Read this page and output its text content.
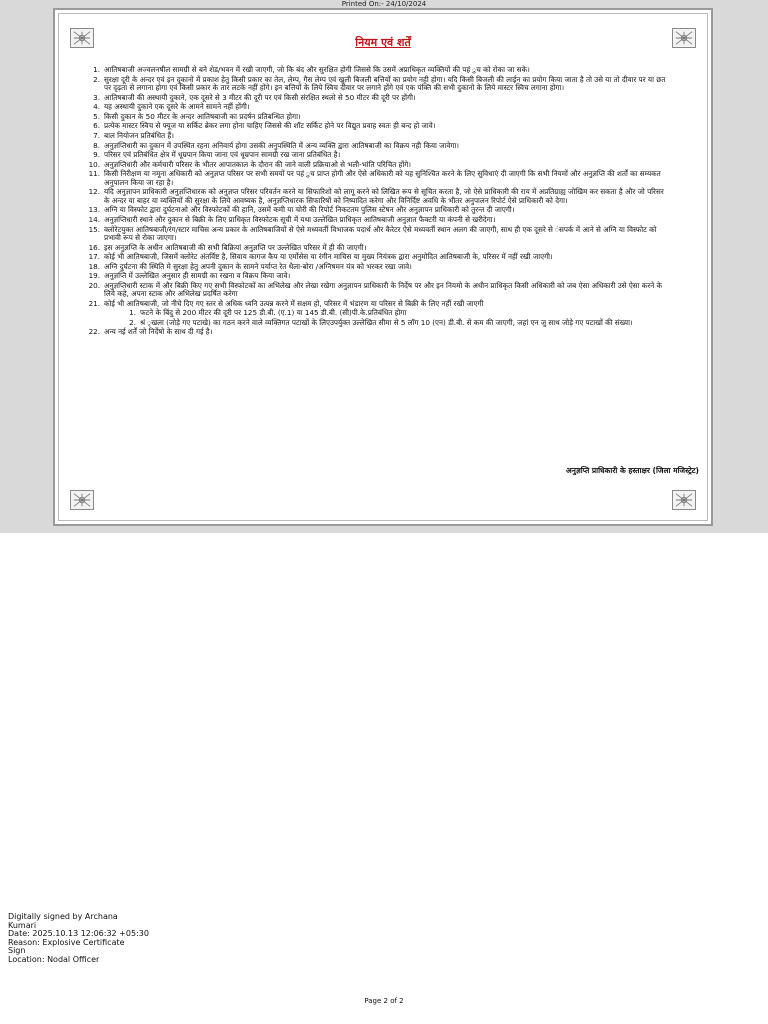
Printed On:- 24/10/2024
नियम एवं शर्तें
1. आतिषबाजी अज्वलनषील सामग्री से बने शेड/भवन में रखी जाएगी, जो कि बंद और सुरक्षित होगी जिससे कि उसमें अप्राधिकृत व्यक्तियों की पहं ुच को रोका जा सके।
2. सुरक्षा दूरी के अन्दर एवं इन दुकानो में प्रकाश हेतु किसी प्रकार का तेल, लेम्प, गैस लेम्प एवं खुली बिजली बत्तियों का प्रयोग नही होगा। यदि किसी बिजली की लाईन का प्रयोग किया जाता है तो उसे या तो दीवार पर या छत पर दृढ़ता से लगाना होगा एवं किसी प्रकार के तार लटके नहीं होंगे। इन बत्तियों के लिये स्विच दीवार पर लगाने होंगे एवं एक पंक्ति की सभी दुकानो के लिये मास्टर स्विच लगाना होगा।
3. आतिषबाजी की अस्थायी दुकाने, एक दूसरे से 3 मीटर की दूरी पर एवं किसी संरक्षित स्थलो से 50 मीटर की दूरी पर होंगी।
4. यह अस्थायी दुकाने एक दूसरे के आमने सामने नहीं होंगी।
5. किसी दुकान के 50 मीटर के अन्दर आतिषबाजी का प्रदर्षन प्रतिबन्धित होगा।
6. प्रत्येक मास्टर स्विच से फ्यूज या सर्किट ब्रेकर लगा होना चाहिए जिससे की शॉट सर्किट होने पर विद्युत प्रवाह स्वतः ही बन्द हो जावे।
7. बाल नियोजन प्रतिबंधित हैं।
8. अनुज्ञप्तिधारी का दुकान में उपस्थित रहना अनिवार्य होगा उसकी अनुपस्थिति में अन्य व्यक्ति द्वारा आतिषबाजी का विक्रय नही किया जावेगा।
9. परिसर एवं प्रतिबंधित क्षेत्र में धूम्रपान किया जाना एवं धूम्रपान सामग्री रख जाना प्रतिबंधित है।
10. अनुज्ञप्तिधारी और कर्मचारी परिसर के भीतर आपातकाल के दौरान की जाने वाली प्रक्रियाओ से भली-भांति परिचित होंगे।
11. किसी निरीक्षण या नमूना अधिकारी को अनुज्ञप्त परिसर पर सभी समयों पर पहं ुच प्राप्त होगी और ऐसे अधिकारी को यह सुनिश्चित करने के लिए सुविधाएं दी जाएगी कि सभी नियमों और अनुज्ञप्ति की शर्तों का सम्यकत अनुपालन किया जा रहा है।
12. यदि अनुज्ञापन प्राधिकारी अनुज्ञप्तिधारक को अनुज्ञप्त परिसर परिवर्तन करने या सिफारिशो को लागू करने को लिखित रूप से सूचित करता है, जो ऐसे प्राधिकारी की राय में अप्रतिग्राह्य जोखिम कर सकता है और जो परिसर के अन्दर या बाहर या व्यक्तियों की सुरक्षा के लिये आवष्यक है, अनुज्ञप्तिधारक सिफारिषों को निष्पादित करेगा और विनिर्दिष्ट अवधि के भीतर अनुपालन रिपोर्ट ऐसे प्राधिकारी को देगा।
13. अग्नि या विस्फोट द्वारा दुर्घटनाओ और विस्फोटकों की हानि, उसमें कमी या चोरी की रिपोर्ट निकटतम पुलिस स्टेषन और अनुज्ञापन प्राधिकारी को तुरन्त दी जाएगी।
14. अनुज्ञप्तिधारी स्थाने और दुकान से बिक्री के लिए प्राधिकृत विस्फोटक सूची में यथा उल्लेखित प्राधिकृत आतिषबाजी अनुज्ञात फैक्टरी या कंपनी से खरीदेगा।
15. क्लोरेटयुक्त आतिषबाजी/रंग/स्टार माचिस अन्य प्रकार के आतिषबाजियों से ऐसे मध्यवर्ती विभाजक पदार्थ और कैरेटर ऐसे मध्यवर्ती स्थान अलग की जाएगी, साथ ही एक दूसरे से ंसपर्क में आने से अग्नि या विस्फोट को प्रभावी रूप से रोका जाएगा।
16. इस अनुज्ञप्ति के अधीन आतिषबाजी की सभी बिक्रियां अनुज्ञप्ति पर उल्लेखित परिसर में ही की जाएगी।
17. कोई भी आतिषबाजी, जिसमें क्लोरेट अंतर्विष्ट है, सिवाय कागज कैप या एर्मोसेस या रंगीन माचिस या मुख्य नियंत्रक द्वारा अनुमोदित आतिषबाजी के, परिसर में नहीं रखी जाएगी।
18. अग्नि दुर्घटना की स्थिति मे सुरक्षा हेतु अपनी दुकान के सामने पर्याप्त रेत थैला-बोरा /अग्निषमन यंत्र को भरकर रखा जावे।
19. अनुज्ञप्ति में उल्लेखित अनुसार ही सामग्री का रखना व विक्रय किया जावे।
20. अनुज्ञप्तिधारी स्टाक में और बिक्री किए गए सभी विस्फोटकों का अभिलेख और लेखा रखेगा अनुज्ञापन प्राधिकारी के निर्देष पर और इन नियमो के अधीन प्राधिकृत किसी अधिकारी को जब ऐसा अधिकारी उसे ऐसा करने के लिये कहे, अपना स्टाक और अभिलेख प्रदर्षित करेगा
21. कोई भी आतिषबाजी, जो नीचे दिए गए स्तर से अधिक ध्वनि उत्पन्न करने में सक्षम हो, परिसर में भंडारण या परिसर से बिक्री के लिए नहीं रखी जाएगी
1. फटने के बिंदु से 200 मीटर की दूरी पर 125 डी.बी. (ए.1) या 145 डी.बी. (सी)पी.के.प्रतिबंधित होगा
2. श्रं ृखला (जोड़े गए पटाखे) का गठन करने वाले व्यक्तिगत पटाखों के लिएउपर्युक्त उल्लेखित सीमा से 5 लॉग 10 (एन) डी.बी. से कम की जाएगी, जहां एन जु साथ जोड़े गए पटाखों की संख्या।
22. अन्य नई शर्तें जो निर्देषो के साथ दी गई है।
अनुज्ञप्ति प्राधिकारी के हस्ताक्षर (जिला मजिस्ट्रेट)
Digitally signed by Archana
Kumari
Date: 2025.10.13 12:06:32 +05:30
Reason: Explosive Certificate
Sign
Location: Nodal Officer
Page 2 of 2
